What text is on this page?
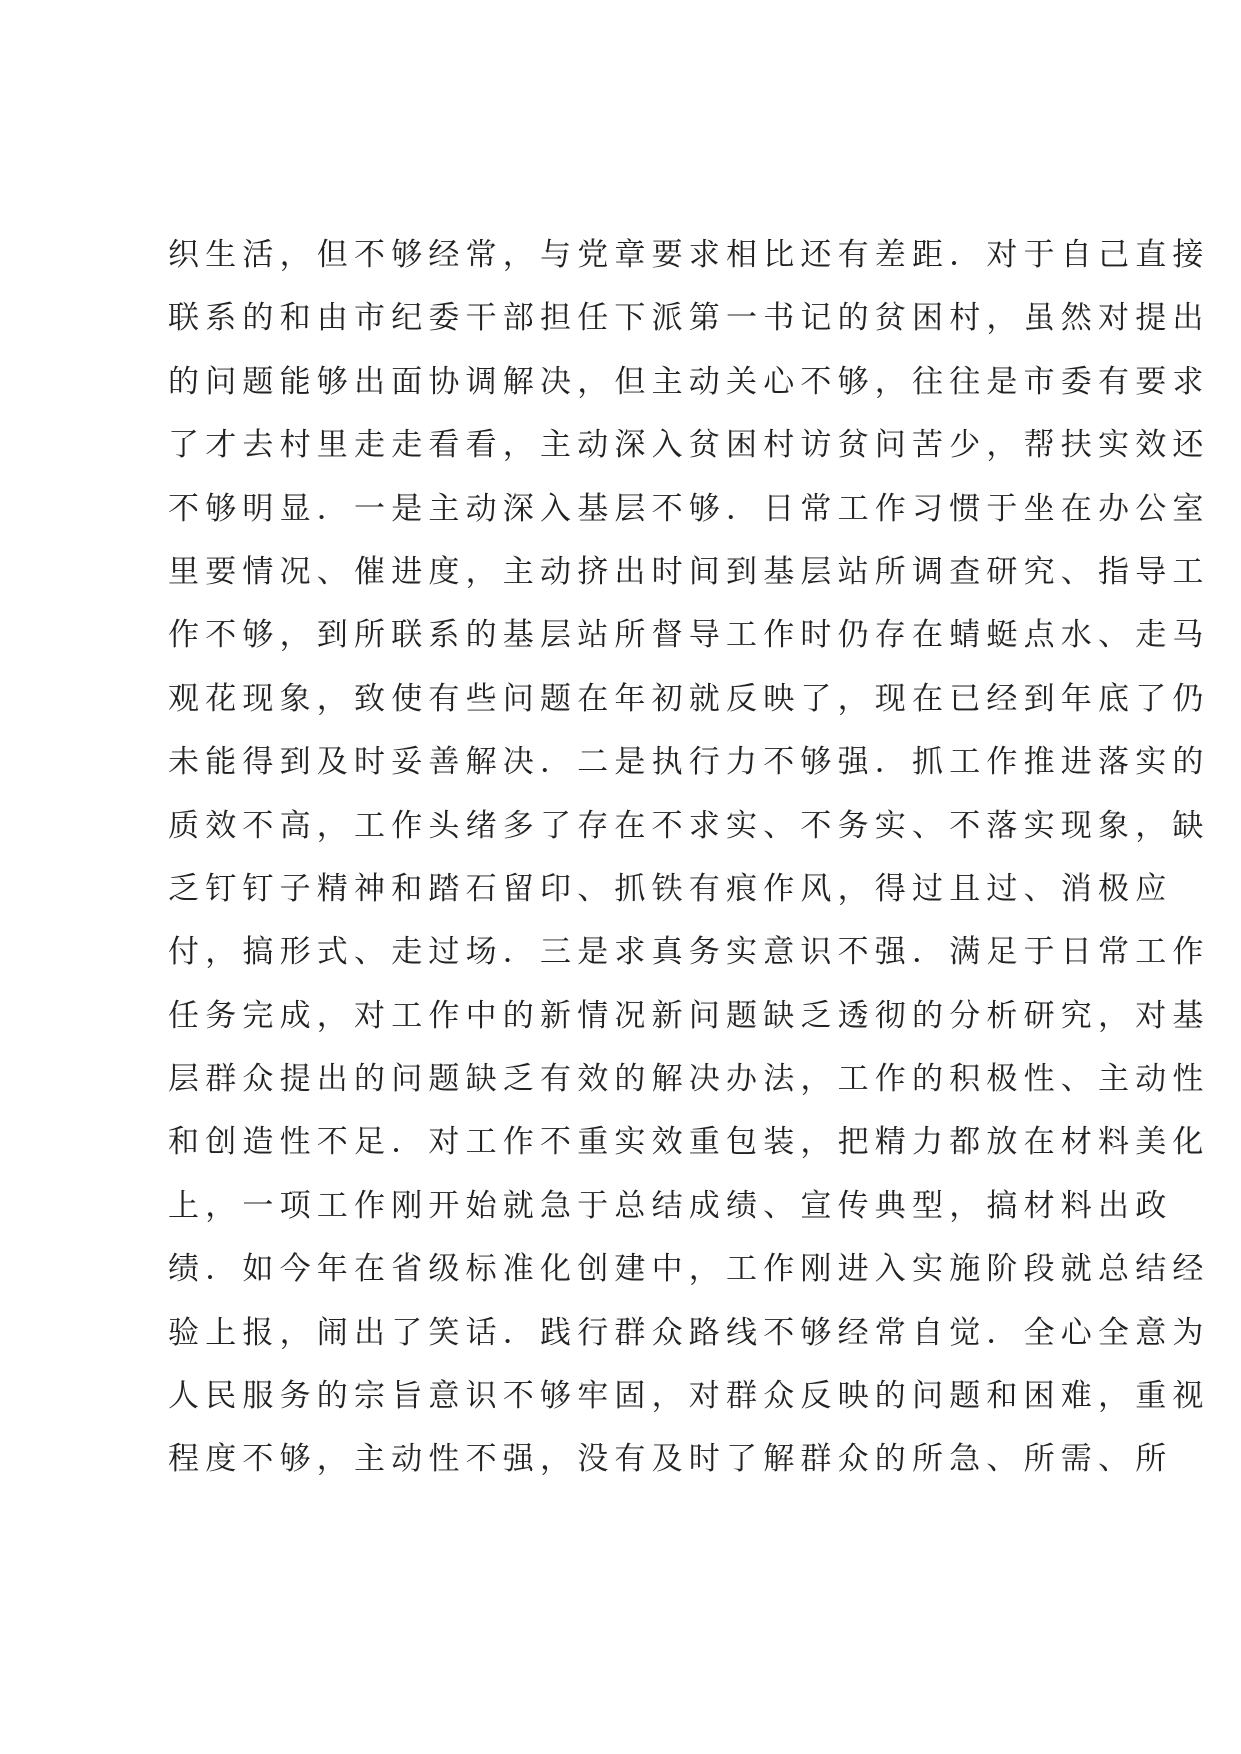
织生活，但不够经常，与党章要求相比还有差距．对于自己直接
联系的和由市纪委干部担任下派第一书记的贫困村，虽然对提出
的问题能够出面协调解决，但主动关心不够，往往是市委有要求
了才去村里走走看看，主动深入贫困村访贫问苦少，帮扶实效还
不够明显．一是主动深入基层不够．日常工作习惯于坐在办公室
里要情况、催进度，主动挤出时间到基层站所调查研究、指导工
作不够，到所联系的基层站所督导工作时仍存在蜻蜓点水、走马
观花现象，致使有些问题在年初就反映了，现在已经到年底了仍
未能得到及时妥善解决．二是执行力不够强．抓工作推进落实的
质效不高，工作头绪多了存在不求实、不务实、不落实现象，缺
乏钉钉子精神和踏石留印、抓铁有痕作风，得过且过、消极应
付，搞形式、走过场．三是求真务实意识不强．满足于日常工作
任务完成，对工作中的新情况新问题缺乏透彻的分析研究，对基
层群众提出的问题缺乏有效的解决办法，工作的积极性、主动性
和创造性不足．对工作不重实效重包装，把精力都放在材料美化
上，一项工作刚开始就急于总结成绩、宣传典型，搞材料出政
绩．如今年在省级标准化创建中，工作刚进入实施阶段就总结经
验上报，闹出了笑话．践行群众路线不够经常自觉．全心全意为
人民服务的宗旨意识不够牢固，对群众反映的问题和困难，重视
程度不够，主动性不强，没有及时了解群众的所急、所需、所
